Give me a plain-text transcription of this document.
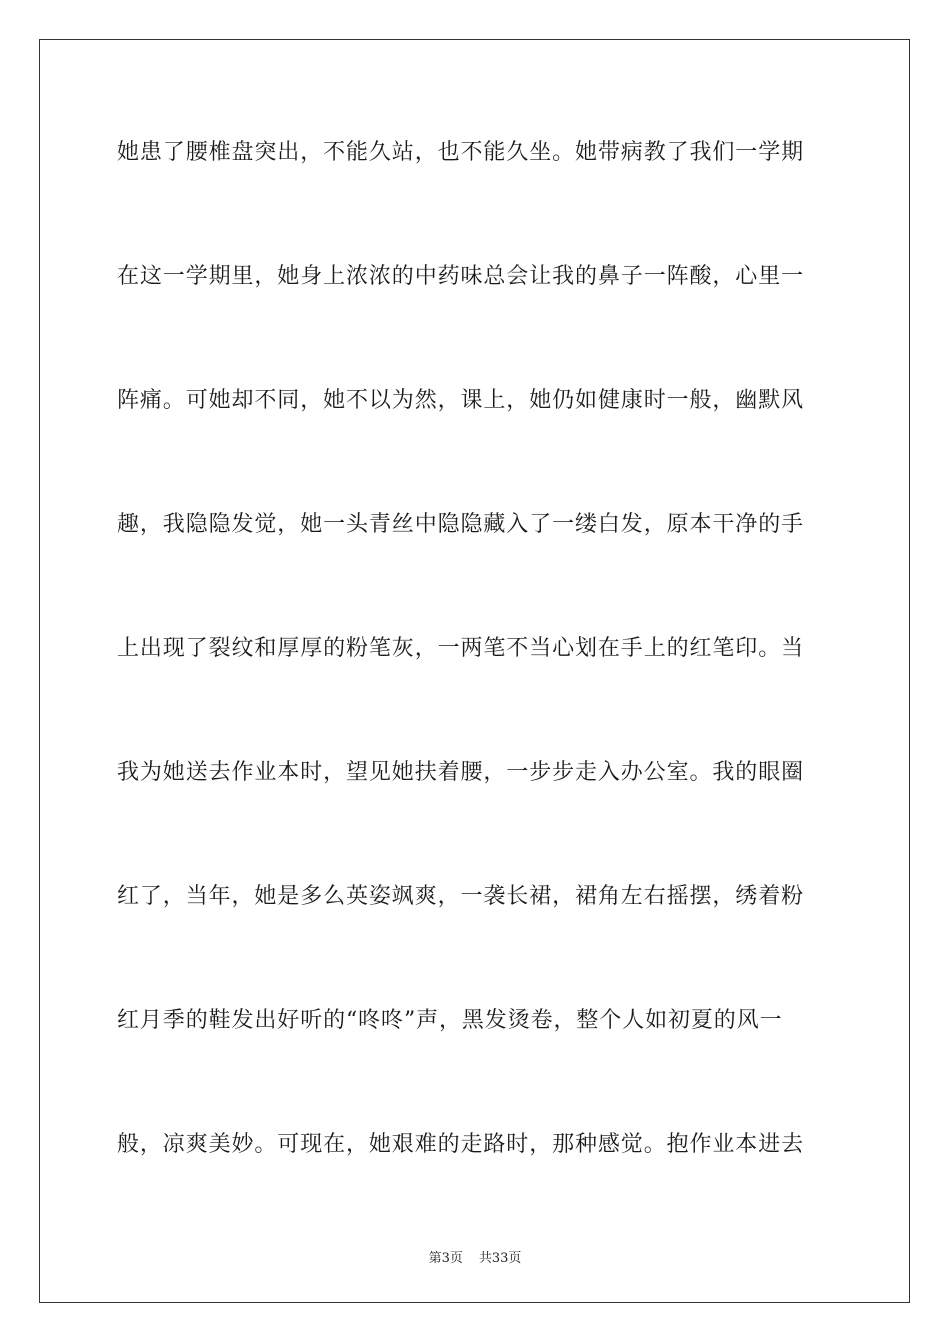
她患了腰椎盘突出，不能久站，也不能久坐。她带病教了我们一学期
在这一学期里，她身上浓浓的中药味总会让我的鼻子一阵酸，心里一
阵痛。可她却不同，她不以为然，课上，她仍如健康时一般，幽默风
趣，我隐隐发觉，她一头青丝中隐隐藏入了一缕白发，原本干净的手
上出现了裂纹和厚厚的粉笔灰，一两笔不当心划在手上的红笔印。当
我为她送去作业本时，望见她扶着腰，一步步走入办公室。我的眼圈
红了，当年，她是多么英姿飒爽，一袭长裙，裙角左右摇摆，绣着粉
红月季的鞋发出好听的“咚咚”声，黑发烫卷，整个人如初夏的风一
般，凉爽美妙。可现在，她艰难的走路时，那种感觉。抱作业本进去
第3页 共33页
